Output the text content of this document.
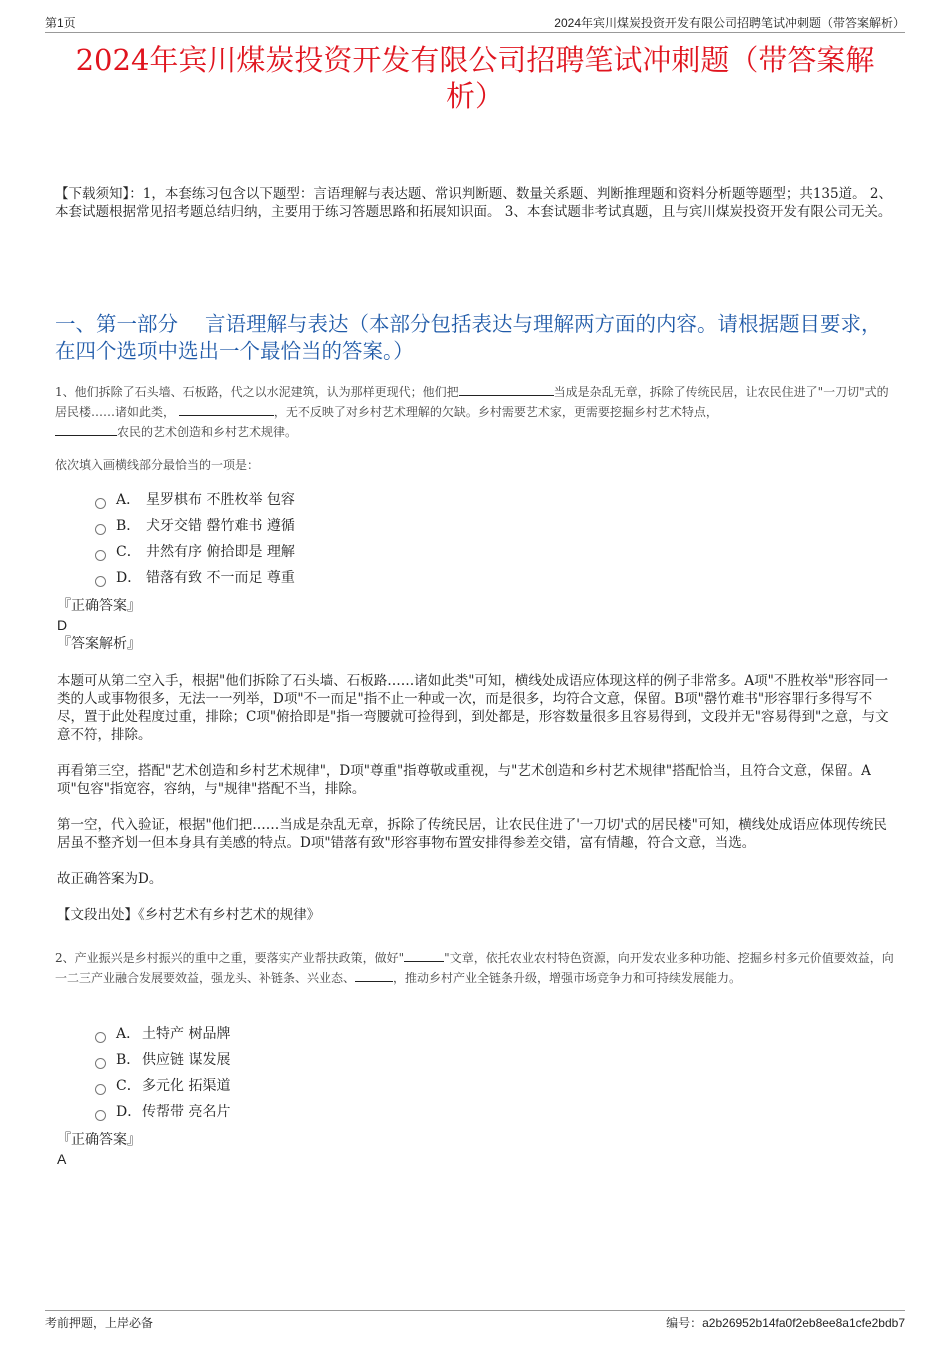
第1页	2024年宾川煤炭投资开发有限公司招聘笔试冲刺题（带答案解析）
2024年宾川煤炭投资开发有限公司招聘笔试冲刺题（带答案解析）
【下载须知】：1，本套练习包含以下题型：言语理解与表达题、常识判断题、数量关系题、判断推理题和资料分析题等题型；共135道。 2、本套试题根据常见招考题总结归纳，主要用于练习答题思路和拓展知识面。 3、本套试题非考试真题，且与宾川煤炭投资开发有限公司无关。
一、第一部分　 言语理解与表达（本部分包括表达与理解两方面的内容。请根据题目要求，在四个选项中选出一个最恰当的答案。）
1、他们拆除了石头墙、石板路，代之以水泥建筑，认为那样更现代；他们把	当成是杂乱无章，拆除了传统民居，让农民住进了"一刀切"式的居民楼……诸如此类，	，无不反映了对乡村艺术理解的欠缺。乡村需要艺术家，更需要挖掘乡村艺术特点，
农民的艺术创造和乡村艺术规律。
依次填入画横线部分最恰当的一项是：
A． 星罗棋布 不胜枚举 包容
B． 犬牙交错 罄竹难书 遵循
C． 井然有序 俯拾即是 理解
D． 错落有致 不一而足 尊重
『正确答案』
D
『答案解析』

本题可从第二空入手，根据"他们拆除了石头墙、石板路……诸如此类"可知，横线处成语应体现这样的例子非常多。A项"不胜枚举"形容同一类的人或事物很多，无法一一列举，D项"不一而足"指不止一种或一次，而是很多，均符合文意，保留。B项"罄竹难书"形容罪行多得写不尽，置于此处程度过重，排除；C项"俯拾即是"指一弯腰就可捡得到，到处都是，形容数量很多且容易得到，文段并无"容易得到"之意，与文意不符，排除。

再看第三空，搭配"艺术创造和乡村艺术规律"，D项"尊重"指尊敬或重视，与"艺术创造和乡村艺术规律"搭配恰当，且符合文意，保留。A项"包容"指宽容，容纳，与"规律"搭配不当，排除。

第一空，代入验证，根据"他们把……当成是杂乱无章，拆除了传统民居，让农民住进了'一刀切'式的居民楼"可知，横线处成语应体现传统民居虽不整齐划一但本身具有美感的特点。D项"错落有致"形容事物布置安排得参差交错，富有情趣，符合文意，当选。

故正确答案为D。

【文段出处】《乡村艺术有乡村艺术的规律》

2、产业振兴是乡村振兴的重中之重，要落实产业帮扶政策，做好"	"文章，依托农业农村特色资源，向开发农业多种功能、挖掘乡村多元价值要效益，向一二三产业融合发展要效益，强龙头、补链条、兴业态、	，推动乡村产业全链条升级，增强市场竞争力和可持续发展能力。
A． 土特产 树品牌
B． 供应链 谋发展
C． 多元化 拓渠道
D． 传帮带 亮名片
『正确答案』
A
考前押题，上岸必备	编号：a2b26952b14fa0f2eb8ee8a1cfe2bdb7
